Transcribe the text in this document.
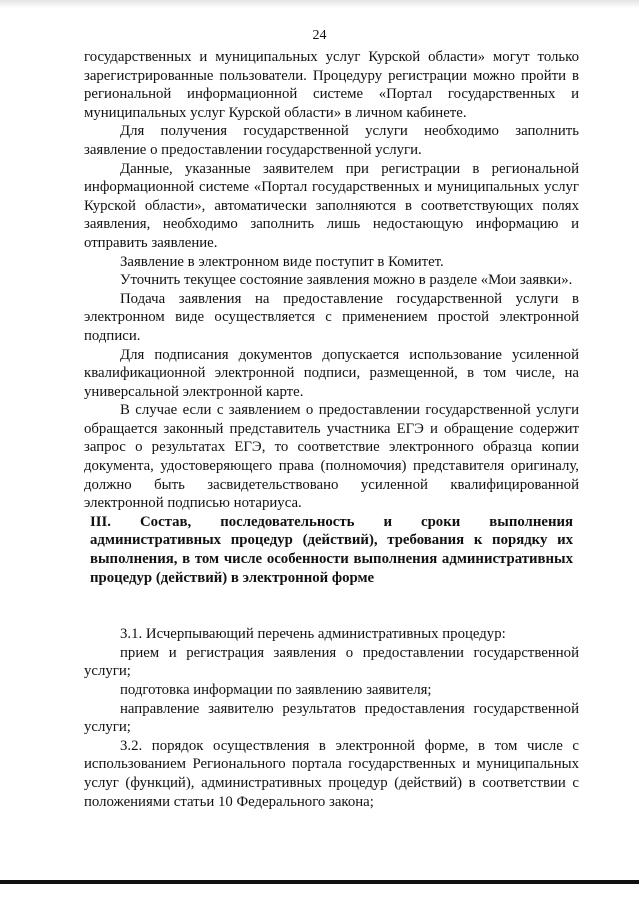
24

государственных и муниципальных услуг Курской области» могут только зарегистрированные пользователи. Процедуру регистрации можно пройти в региональной информационной системе «Портал государственных и муниципальных услуг Курской области» в личном кабинете.

Для получения государственной услуги необходимо заполнить заявление о предоставлении государственной услуги.

Данные, указанные заявителем при регистрации в региональной информационной системе «Портал государственных и муниципальных услуг Курской области», автоматически заполняются в соответствующих полях заявления, необходимо заполнить лишь недостающую информацию и отправить заявление.

Заявление в электронном виде поступит в Комитет.

Уточнить текущее состояние заявления можно в разделе «Мои заявки».

Подача заявления на предоставление государственной услуги в электронном виде осуществляется с применением простой электронной подписи.

Для подписания документов допускается использование усиленной квалификационной электронной подписи, размещенной, в том числе, на универсальной электронной карте.

В случае если с заявлением о предоставлении государственной услуги обращается законный представитель участника ЕГЭ и обращение содержит запрос о результатах ЕГЭ, то соответствие электронного образца копии документа, удостоверяющего права (полномочия) представителя оригиналу, должно быть засвидетельствовано усиленной квалифицированной электронной подписью нотариуса.

III. Состав, последовательность и сроки выполнения административных процедур (действий), требования к порядку их выполнения, в том числе особенности выполнения административных процедур (действий) в электронной форме

3.1. Исчерпывающий перечень административных процедур:

прием и регистрация заявления о предоставлении государственной услуги;

подготовка информации по заявлению заявителя;

направление заявителю результатов предоставления государственной услуги;

3.2. порядок осуществления в электронной форме, в том числе с использованием Регионального портала государственных и муниципальных услуг (функций), административных процедур (действий) в соответствии с положениями статьи 10 Федерального закона;
